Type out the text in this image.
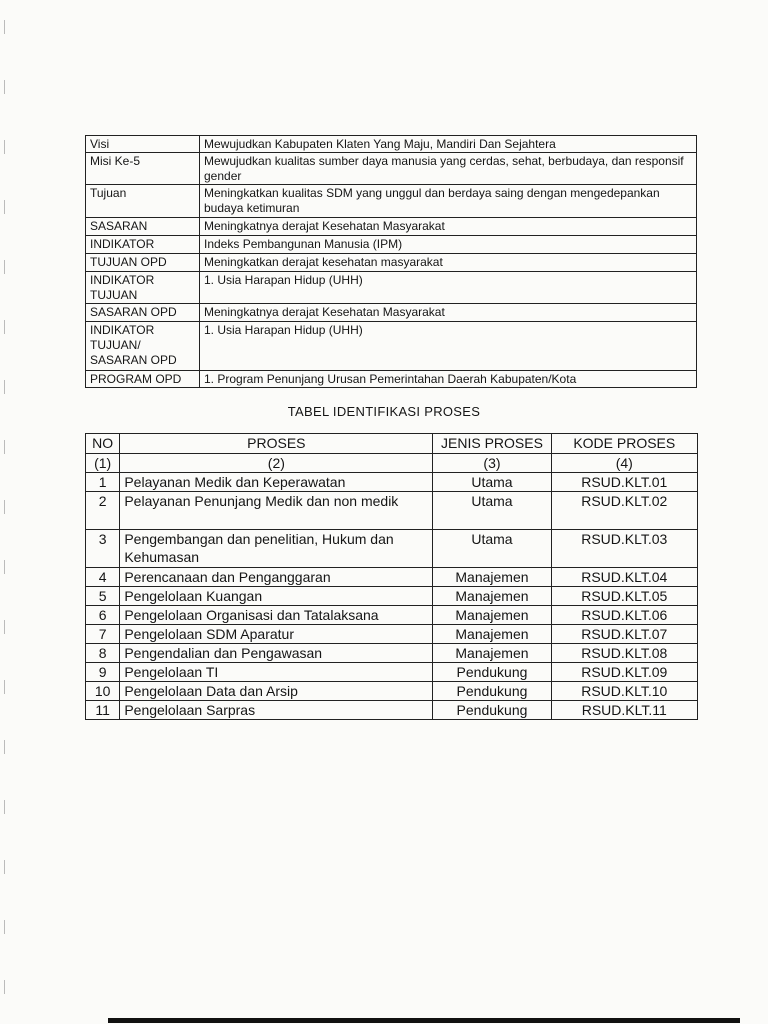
Visi	Mewujudkan Kabupaten Klaten Yang Maju, Mandiri Dan Sejahtera
Misi Ke-5	Mewujudkan kualitas sumber daya manusia yang cerdas, sehat, berbudaya, dan responsif gender
Tujuan	Meningkatkan kualitas SDM yang unggul dan berdaya saing dengan mengedepankan budaya ketimuran
SASARAN	Meningkatnya derajat Kesehatan Masyarakat
INDIKATOR	Indeks Pembangunan Manusia (IPM)
TUJUAN OPD	Meningkatkan derajat kesehatan masyarakat
INDIKATOR TUJUAN	1. Usia Harapan Hidup (UHH)
SASARAN OPD	Meningkatnya derajat Kesehatan Masyarakat
INDIKATOR TUJUAN/ SASARAN OPD	1. Usia Harapan Hidup (UHH)
PROGRAM OPD	1. Program Penunjang Urusan Pemerintahan Daerah Kabupaten/Kota
TABEL IDENTIFIKASI PROSES
NO	PROSES	JENIS PROSES	KODE PROSES
(1)	(2)	(3)	(4)
1	Pelayanan Medik dan Keperawatan	Utama	RSUD.KLT.01
2	Pelayanan Penunjang Medik dan non medik	Utama	RSUD.KLT.02
3	Pengembangan dan penelitian, Hukum dan Kehumasan	Utama	RSUD.KLT.03
4	Perencanaan dan Penganggaran	Manajemen	RSUD.KLT.04
5	Pengelolaan Kuangan	Manajemen	RSUD.KLT.05
6	Pengelolaan Organisasi dan Tatalaksana	Manajemen	RSUD.KLT.06
7	Pengelolaan SDM Aparatur	Manajemen	RSUD.KLT.07
8	Pengendalian dan Pengawasan	Manajemen	RSUD.KLT.08
9	Pengelolaan TI	Pendukung	RSUD.KLT.09
10	Pengelolaan Data dan Arsip	Pendukung	RSUD.KLT.10
11	Pengelolaan Sarpras	Pendukung	RSUD.KLT.11
